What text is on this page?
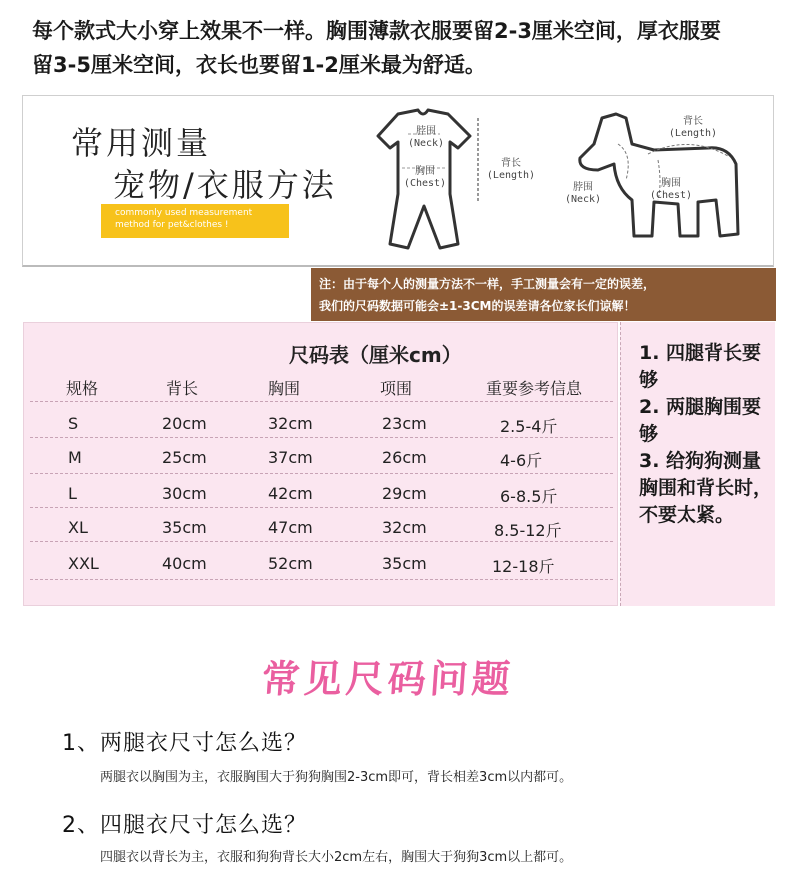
每个款式大小穿上效果不一样。胸围薄款衣服要留2-3厘米空间，厚衣服要
留3-5厘米空间，衣长也要留1-2厘米最为舒适。
常用测量
宠物/衣服方法
commonly used measurement
method for pet&clothes !
脖围
(Neck)
胸围
(Chest)
背长
(Length)
背长
(Length)
脖围
(Neck)
胸围
(Chest)
注：由于每个人的测量方法不一样，手工测量会有一定的误差，
我们的尺码数据可能会±1-3CM的误差请各位家长们谅解！
尺码表（厘米cm）
规格	背长	胸围	项围	重要参考信息
S	20cm	32cm	23cm	2.5-4斤
M	25cm	37cm	26cm	4-6斤
L	30cm	42cm	29cm	6-8.5斤
XL	35cm	47cm	32cm	8.5-12斤
XXL	40cm	52cm	35cm	12-18斤
1. 四腿背长要够
2. 两腿胸围要够
3. 给狗狗测量胸围和背长时，不要太紧。
常见尺码问题
1、两腿衣尺寸怎么选？
两腿衣以胸围为主，衣服胸围大于狗狗胸围2-3cm即可，背长相差3cm以内都可。
2、四腿衣尺寸怎么选？
四腿衣以背长为主，衣服和狗狗背长大小2cm左右，胸围大于狗狗3cm以上都可。
